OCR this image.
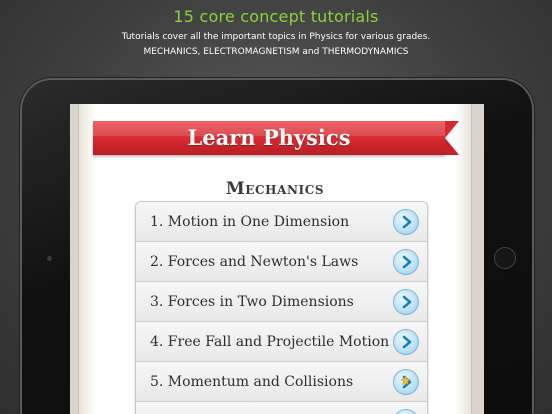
15 core concept tutorials
Tutorials cover all the important topics in Physics for various grades.
MECHANICS, ELECTROMAGNETISM and THERMODYNAMICS
Learn Physics
Mechanics
1. Motion in One Dimension
2. Forces and Newton's Laws
3. Forces in Two Dimensions
4. Free Fall and Projectile Motion
5. Momentum and Collisions
